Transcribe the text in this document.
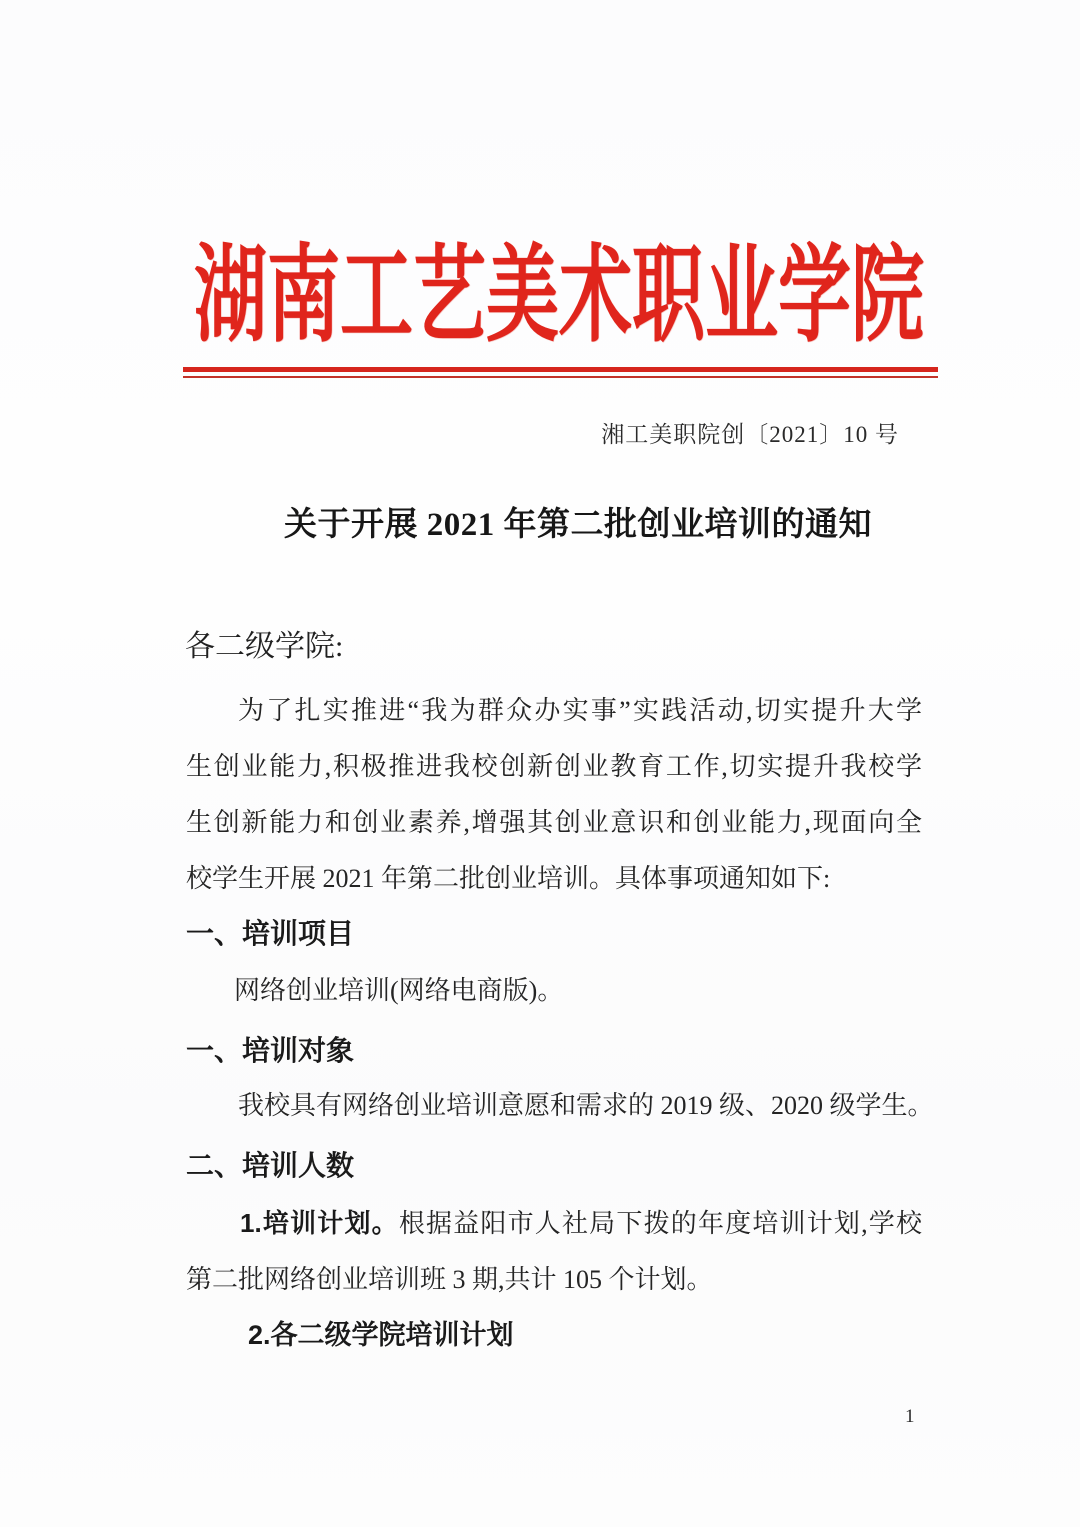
湖南工艺美术职业学院
湘工美职院创〔2021〕10 号
关于开展 2021 年第二批创业培训的通知
各二级学院:
为了扎实推进“我为群众办实事”实践活动,切实提升大学
生创业能力,积极推进我校创新创业教育工作,切实提升我校学
生创新能力和创业素养,增强其创业意识和创业能力,现面向全
校学生开展 2021 年第二批创业培训。具体事项通知如下:
一、培训项目
网络创业培训(网络电商版)。
一、培训对象
我校具有网络创业培训意愿和需求的 2019 级、2020 级学生。
二、培训人数
1.培训计划。根据益阳市人社局下拨的年度培训计划,学校
第二批网络创业培训班 3 期,共计 105 个计划。
2.各二级学院培训计划
1
